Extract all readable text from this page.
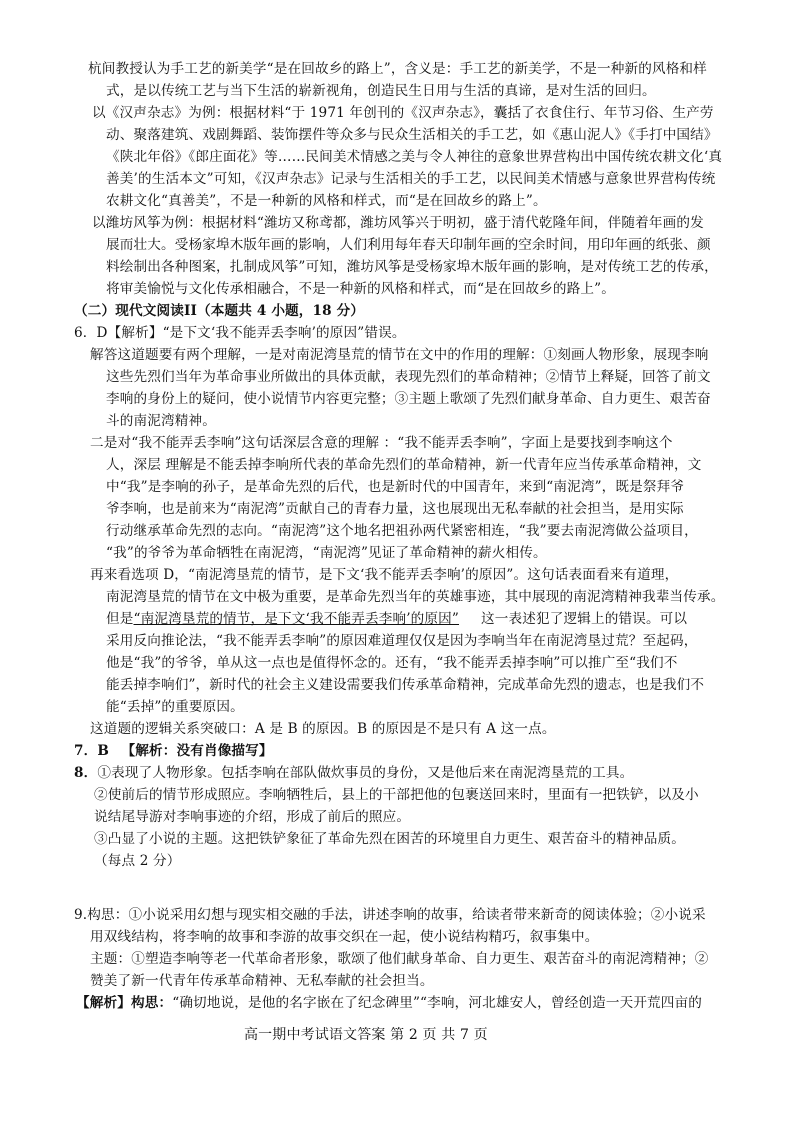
杭间教授认为手工艺的新美学“是在回故乡的路上”，含义是：手工艺的新美学，不是一种新的风格和样
式，是以传统工艺与当下生活的崭新视角，创造民生日用与生活的真谛，是对生活的回归。
以《汉声杂志》为例：根据材料“于 1971 年创刊的《汉声杂志》，囊括了衣食住行、年节习俗、生产劳
动、聚落建筑、戏剧舞蹈、装饰摆件等众多与民众生活相关的手工艺，如《惠山泥人》《手打中国结》
《陕北年俗》《郎庄面花》等……民间美术情感之美与令人神往的意象世界营构出中国传统农耕文化‘真
善美’的生活本文”可知，《汉声杂志》记录与生活相关的手工艺，以民间美术情感与意象世界营构传统
农耕文化“真善美”，不是一种新的风格和样式，而“是在回故乡的路上”。
以潍坊风筝为例：根据材料“潍坊又称鸢都，潍坊风筝兴于明初，盛于清代乾隆年间，伴随着年画的发
展而壮大。受杨家埠木版年画的影响，人们利用每年春天印制年画的空余时间，用印年画的纸张、颜
料绘制出各种图案，扎制成风筝”可知，潍坊风筝是受杨家埠木版年画的影响，是对传统工艺的传承，
将审美愉悦与文化传承相融合，不是一种新的风格和样式，而“是在回故乡的路上”。
（二）现代文阅读II（本题共 4 小题，18 分）
6．D【解析】“是下文‘我不能弄丢李响’的原因”错误。
解答这道题要有两个理解，一是对南泥湾垦荒的情节在文中的作用的理解：①刻画人物形象，展现李响
这些先烈们当年为革命事业所做出的具体贡献，表现先烈们的革命精神；②情节上释疑，回答了前文
李响的身份上的疑问，使小说情节内容更完整；③主题上歌颂了先烈们献身革命、自力更生、艰苦奋
斗的南泥湾精神。
二是对“我不能弄丢李响”这句话深层含意的理解 ：“我不能弄丢李响”，字面上是要找到李响这个
人，深层 理解是不能丢掉李响所代表的革命先烈们的革命精神，新一代青年应当传承革命精神，文
中“我”是李响的孙子，是革命先烈的后代，也是新时代的中国青年，来到“南泥湾”，既是祭拜爷
爷李响，也是前来为“南泥湾”贡献自己的青春力量，这也展现出无私奉献的社会担当，是用实际
行动继承革命先烈的志向。“南泥湾”这个地名把祖孙两代紧密相连，“我”要去南泥湾做公益项目，
“我”的爷爷为革命牺牲在南泥湾，“南泥湾”见证了革命精神的薪火相传。
再来看选项 D，“南泥湾垦荒的情节，是下文‘我不能弄丢李响’的原因”。这句话表面看来有道理，
南泥湾垦荒的情节在文中极为重要，是革命先烈当年的英雄事迹，其中展现的南泥湾精神我辈当传承。
但是“南泥湾垦荒的情节，是下文‘我不能弄丢李响’的原因” 这一表述犯了逻辑上的错误。可以
采用反向推论法，“我不能弄丢李响”的原因难道理仅仅是因为李响当年在南泥湾垦过荒？至起码，
他是“我”的爷爷，单从这一点也是值得怀念的。还有，“我不能弄丢掉李响”可以推广至“我们不
能丢掉李响们”，新时代的社会主义建设需要我们传承革命精神，完成革命先烈的遗志，也是我们不
能“丢掉”的重要原因。
这道题的逻辑关系突破口：A 是 B 的原因。B 的原因是不是只有 A 这一点。
7．B 【解析：没有肖像描写】
8．①表现了人物形象。包括李响在部队做炊事员的身份，又是他后来在南泥湾垦荒的工具。
②使前后的情节形成照应。李响牺牲后，县上的干部把他的包裹送回来时，里面有一把铁铲，以及小
说结尾导游对李响事迹的介绍，形成了前后的照应。
③凸显了小说的主题。这把铁铲象征了革命先烈在困苦的环境里自力更生、艰苦奋斗的精神品质。
（每点 2 分）
9.构思：①小说采用幻想与现实相交融的手法，讲述李响的故事，给读者带来新奇的阅读体验；②小说采
用双线结构，将李响的故事和李游的故事交织在一起，使小说结构精巧，叙事集中。
主题：①塑造李响等老一代革命者形象，歌颂了他们献身革命、自力更生、艰苦奋斗的南泥湾精神；②
赞美了新一代青年传承革命精神、无私奉献的社会担当。
【解析】构思：“确切地说，是他的名字嵌在了纪念碑里”“李响，河北雄安人，曾经创造一天开荒四亩的
高一期中考试语文答案 第 2 页 共 7 页
